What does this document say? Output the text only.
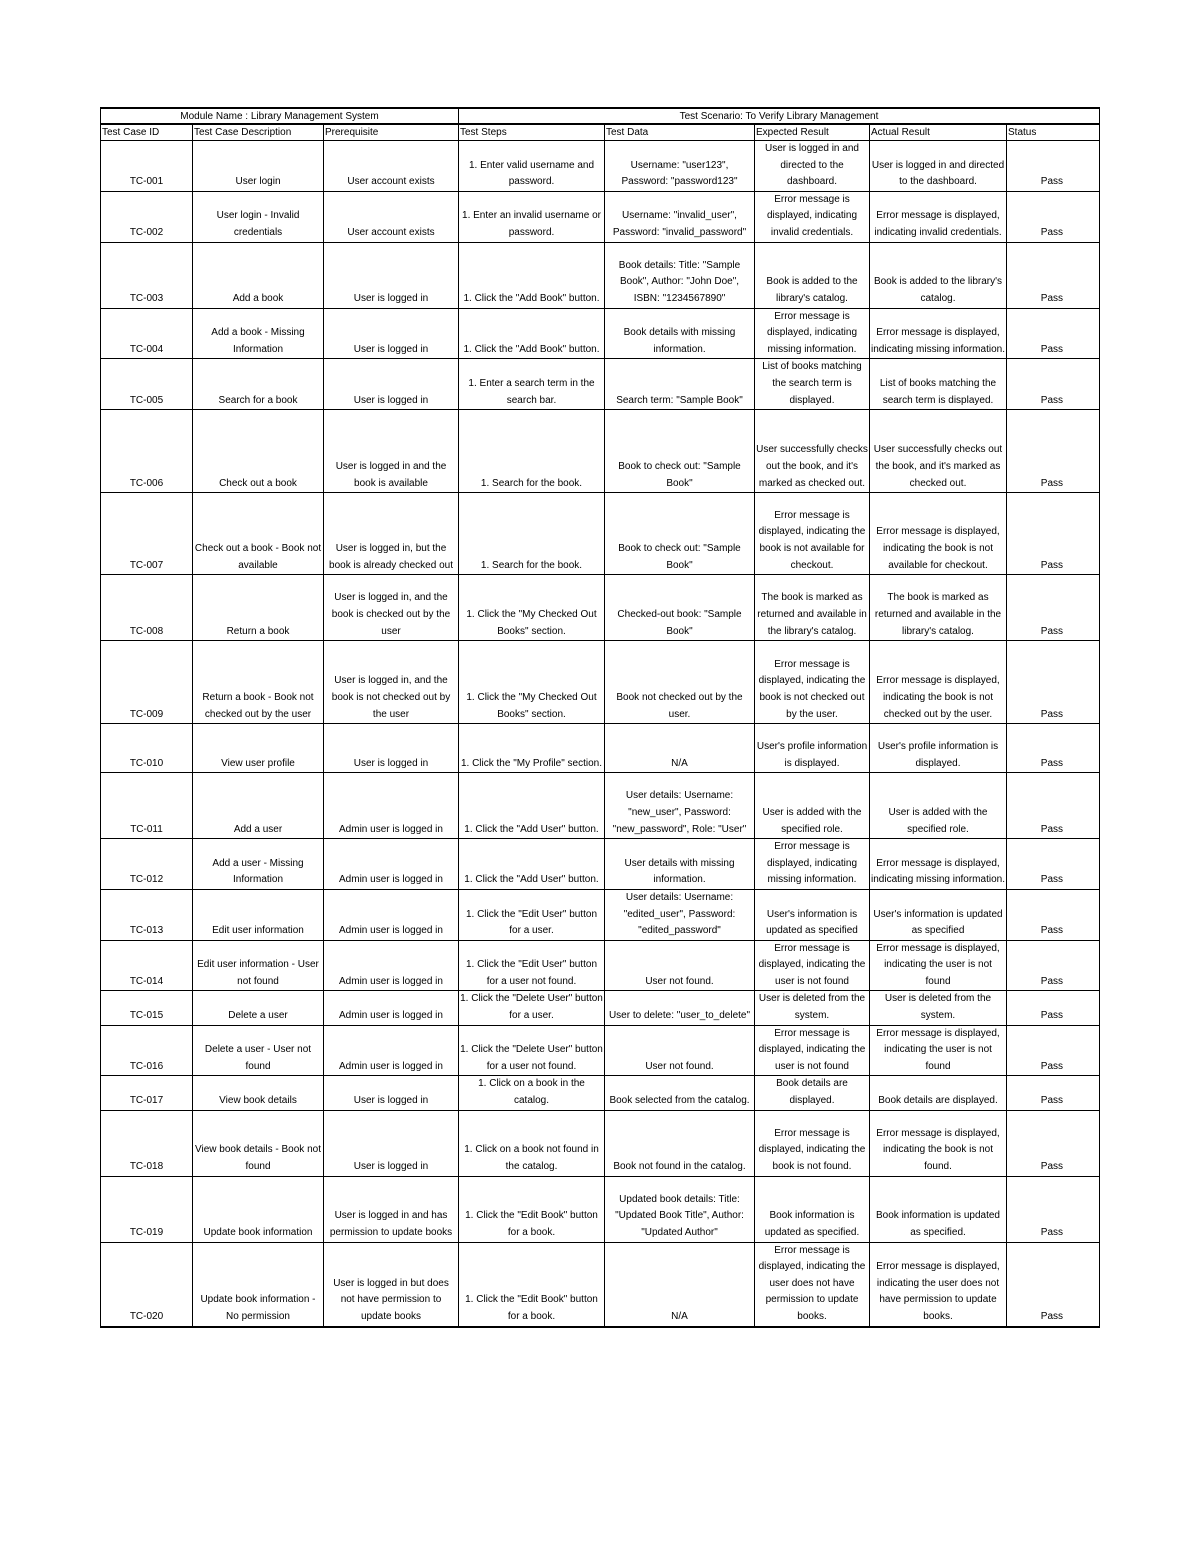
Module Name : Library Management System			Test Scenario: To Verify Library Management				
Test Case ID	Test Case Description	Prerequisite	Test Steps	Test Data	Expected Result	Actual Result	Status
TC-001	User login	User account exists	1. Enter valid username and password.	Username: "user123", Password: "password123"	User is logged in and directed to the dashboard.	User is logged in and directed to the dashboard.	Pass
TC-002	User login - Invalid credentials	User account exists	1. Enter an invalid username or password.	Username: "invalid_user", Password: "invalid_password"	Error message is displayed, indicating invalid credentials.	Error message is displayed, indicating invalid credentials.	Pass
TC-003	Add a book	User is logged in	1. Click the "Add Book" button.	Book details: Title: "Sample Book", Author: "John Doe", ISBN: "1234567890"	Book is added to the library's catalog.	Book is added to the library's catalog.	Pass
TC-004	Add a book - Missing Information	User is logged in	1. Click the "Add Book" button.	Book details with missing information.	Error message is displayed, indicating missing information.	Error message is displayed, indicating missing information.	Pass
TC-005	Search for a book	User is logged in	1. Enter a search term in the search bar.	Search term: "Sample Book"	List of books matching the search term is displayed.	List of books matching the search term is displayed.	Pass
TC-006	Check out a book	User is logged in and the book is available	1. Search for the book.	Book to check out: "Sample Book"	User successfully checks out the book, and it's marked as checked out.	User successfully checks out the book, and it's marked as checked out.	Pass
TC-007	Check out a book - Book not available	User is logged in, but the book is already checked out	1. Search for the book.	Book to check out: "Sample Book"	Error message is displayed, indicating the book is not available for checkout.	Error message is displayed, indicating the book is not available for checkout.	Pass
TC-008	Return a book	User is logged in, and the book is checked out by the user	1. Click the "My Checked Out Books" section.	Checked-out book: "Sample Book"	The book is marked as returned and available in the library's catalog.	The book is marked as returned and available in the library's catalog.	Pass
TC-009	Return a book - Book not checked out by the user	User is logged in, and the book is not checked out by the user	1. Click the "My Checked Out Books" section.	Book not checked out by the user.	Error message is displayed, indicating the book is not checked out by the user.	Error message is displayed, indicating the book is not checked out by the user.	Pass
TC-010	View user profile	User is logged in	1. Click the "My Profile" section.	N/A	User's profile information is displayed.	User's profile information is displayed.	Pass
TC-011	Add a user	Admin user is logged in	1. Click the "Add User" button.	User details: Username: "new_user", Password: "new_password", Role: "User"	User is added with the specified role.	User is added with the specified role.	Pass
TC-012	Add a user - Missing Information	Admin user is logged in	1. Click the "Add User" button.	User details with missing information.	Error message is displayed, indicating missing information.	Error message is displayed, indicating missing information.	Pass
TC-013	Edit user information	Admin user is logged in	1. Click the "Edit User" button for a user.	User details: Username: "edited_user", Password: "edited_password"	User's information is updated as specified	User's information is updated as specified	Pass
TC-014	Edit user information - User not found	Admin user is logged in	1. Click the "Edit User" button for a user not found.	User not found.	Error message is displayed, indicating the user is not found	Error message is displayed, indicating the user is not found	Pass
TC-015	Delete a user	Admin user is logged in	1. Click the "Delete User" button for a user.	User to delete: "user_to_delete"	User is deleted from the system.	User is deleted from the system.	Pass
TC-016	Delete a user - User not found	Admin user is logged in	1. Click the "Delete User" button for a user not found.	User not found.	Error message is displayed, indicating the user is not found	Error message is displayed, indicating the user is not found	Pass
TC-017	View book details	User is logged in	1. Click on a book in the catalog.	Book selected from the catalog.	Book details are displayed.	Book details are displayed.	Pass
TC-018	View book details - Book not found	User is logged in	1. Click on a book not found in the catalog.	Book not found in the catalog.	Error message is displayed, indicating the book is not found.	Error message is displayed, indicating the book is not found.	Pass
TC-019	Update book information	User is logged in and has permission to update books	1. Click the "Edit Book" button for a book.	Updated book details: Title: "Updated Book Title", Author: "Updated Author"	Book information is updated as specified.	Book information is updated as specified.	Pass
TC-020	Update book information - No permission	User is logged in but does not have permission to update books	1. Click the "Edit Book" button for a book.	N/A	Error message is displayed, indicating the user does not have permission to update books.	Error message is displayed, indicating the user does not have permission to update books.	Pass
